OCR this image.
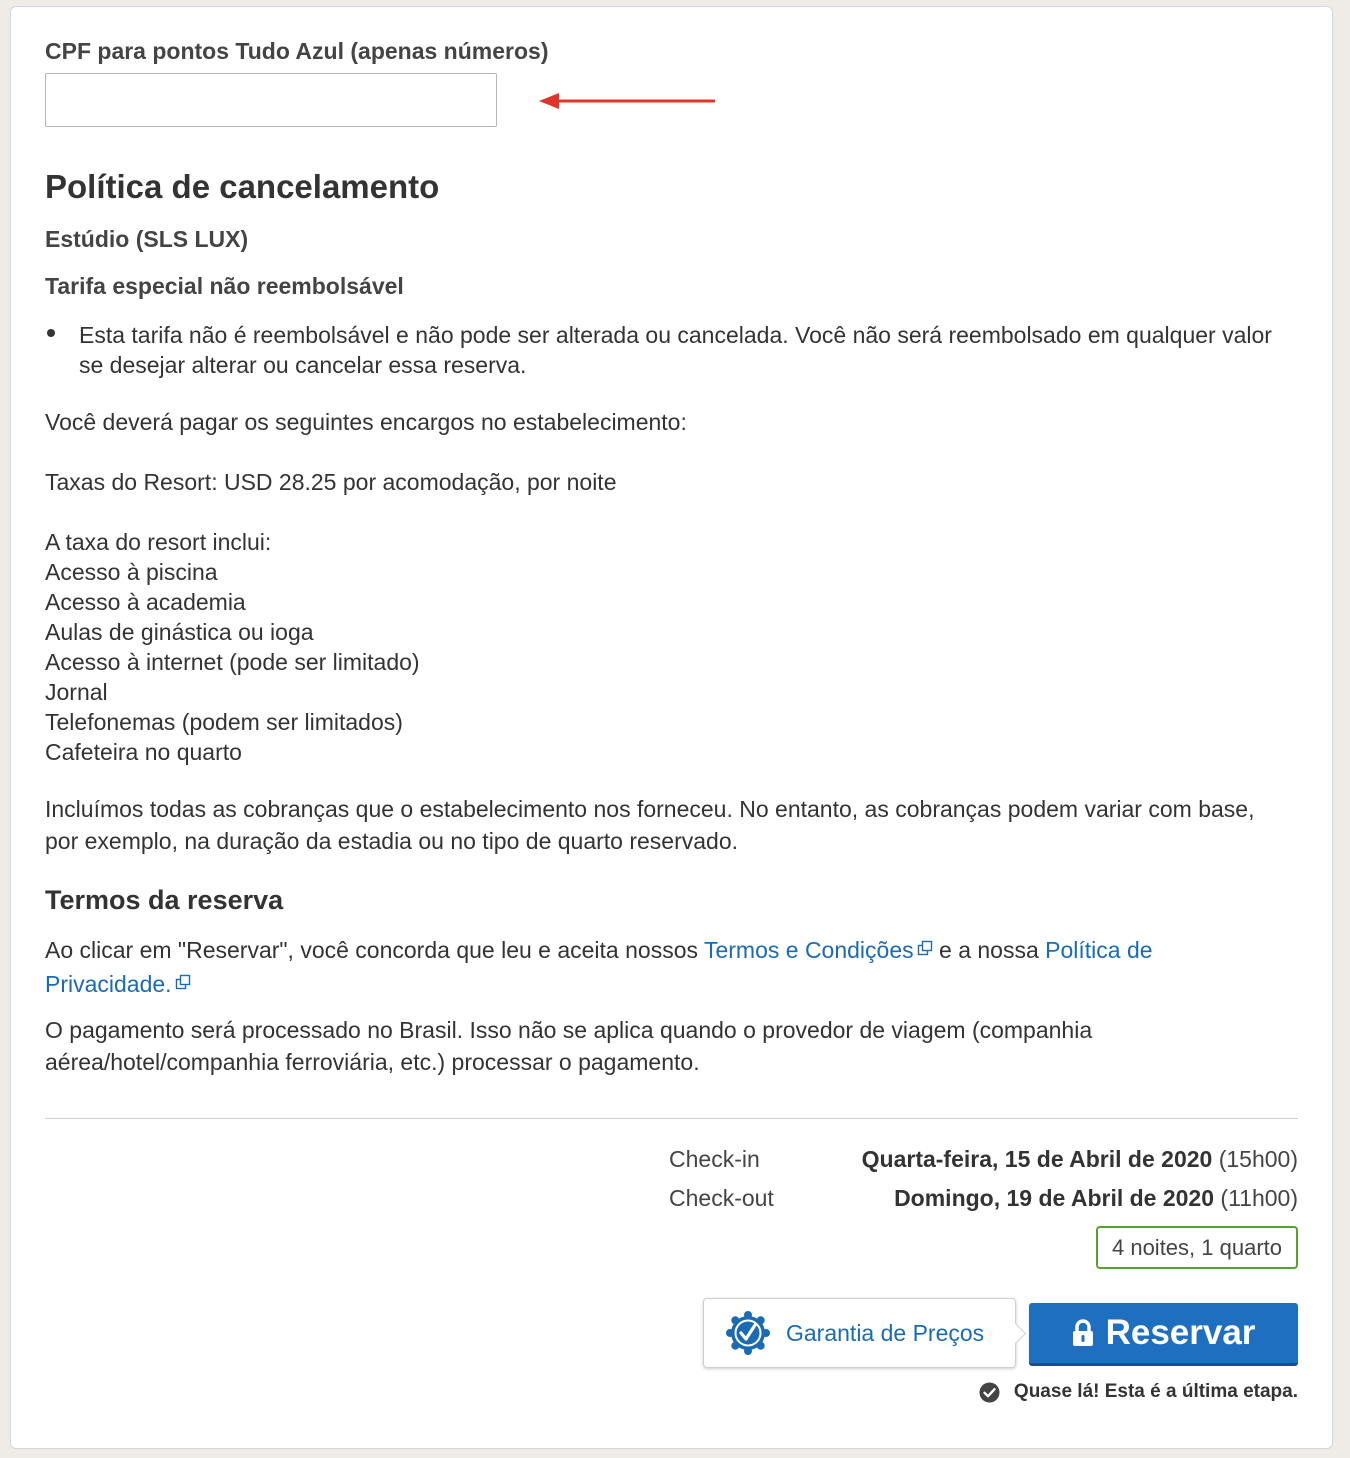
CPF para pontos Tudo Azul (apenas números)
Política de cancelamento
Estúdio (SLS LUX)
Tarifa especial não reembolsável
Esta tarifa não é reembolsável e não pode ser alterada ou cancelada. Você não será reembolsado em qualquer valor se desejar alterar ou cancelar essa reserva.
Você deverá pagar os seguintes encargos no estabelecimento:
Taxas do Resort: USD 28.25 por acomodação, por noite
A taxa do resort inclui:
Acesso à piscina
Acesso à academia
Aulas de ginástica ou ioga
Acesso à internet (pode ser limitado)
Jornal
Telefonemas (podem ser limitados)
Cafeteira no quarto
Incluímos todas as cobranças que o estabelecimento nos forneceu. No entanto, as cobranças podem variar com base, por exemplo, na duração da estadia ou no tipo de quarto reservado.
Termos da reserva
Ao clicar em "Reservar", você concorda que leu e aceita nossos Termos e Condições e a nossa Política de Privacidade.
O pagamento será processado no Brasil. Isso não se aplica quando o provedor de viagem (companhia aérea/hotel/companhia ferroviária, etc.) processar o pagamento.
Check-in	Quarta-feira, 15 de Abril de 2020 (15h00)
Check-out	Domingo, 19 de Abril de 2020 (11h00)
4 noites, 1 quarto
Garantia de Preços	Reservar
Quase lá! Esta é a última etapa.
